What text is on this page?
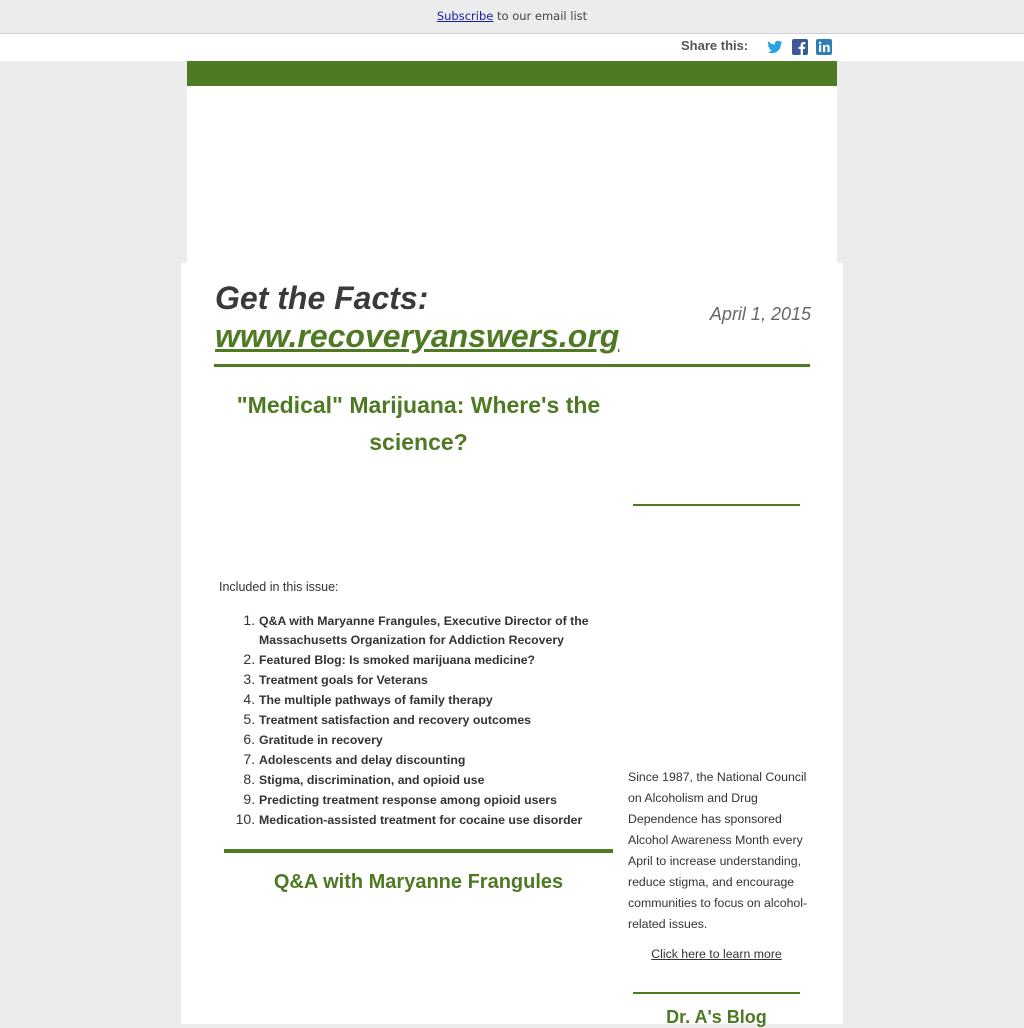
Subscribe to our email list
Share this:
Get the Facts:
www.recoveryanswers.org
April 1, 2015
"Medical" Marijuana: Where's the science?
Included in this issue:
1. Q&A with Maryanne Frangules, Executive Director of the Massachusetts Organization for Addiction Recovery
2. Featured Blog: Is smoked marijuana medicine?
3. Treatment goals for Veterans
4. The multiple pathways of family therapy
5. Treatment satisfaction and recovery outcomes
6. Gratitude in recovery
7. Adolescents and delay discounting
8. Stigma, discrimination, and opioid use
9. Predicting treatment response among opioid users
10. Medication-assisted treatment for cocaine use disorder
Q&A with Maryanne Frangules
Since 1987, the National Council on Alcoholism and Drug Dependence has sponsored Alcohol Awareness Month every April to increase understanding, reduce stigma, and encourage communities to focus on alcohol-related issues.
Click here to learn more
Dr. A's Blog
